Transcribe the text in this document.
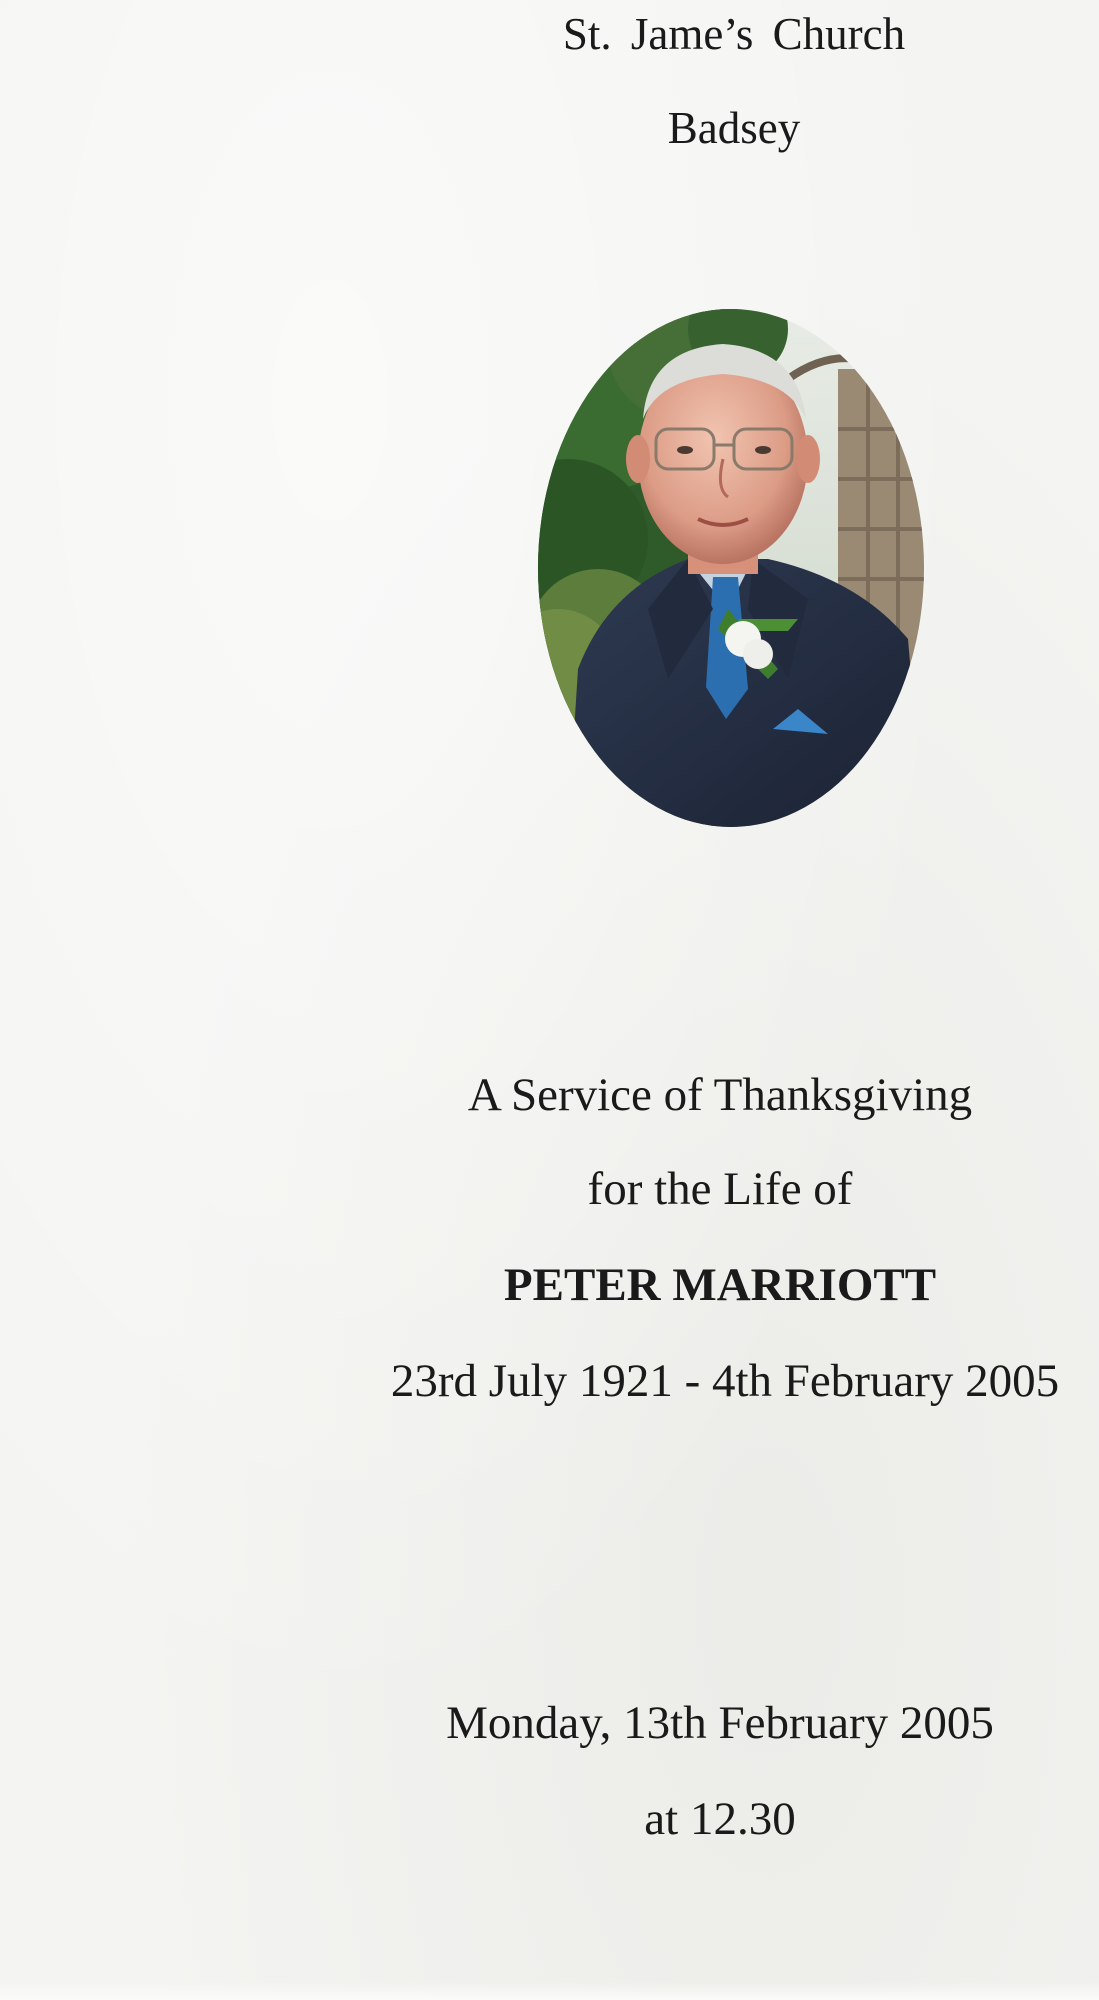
St. Jame’s Church
Badsey

A Service of Thanksgiving

for the Life of

PETER MARRIOTT

23rd July 1921 - 4th February 2005

Monday, 13th February 2005

at 12.30
